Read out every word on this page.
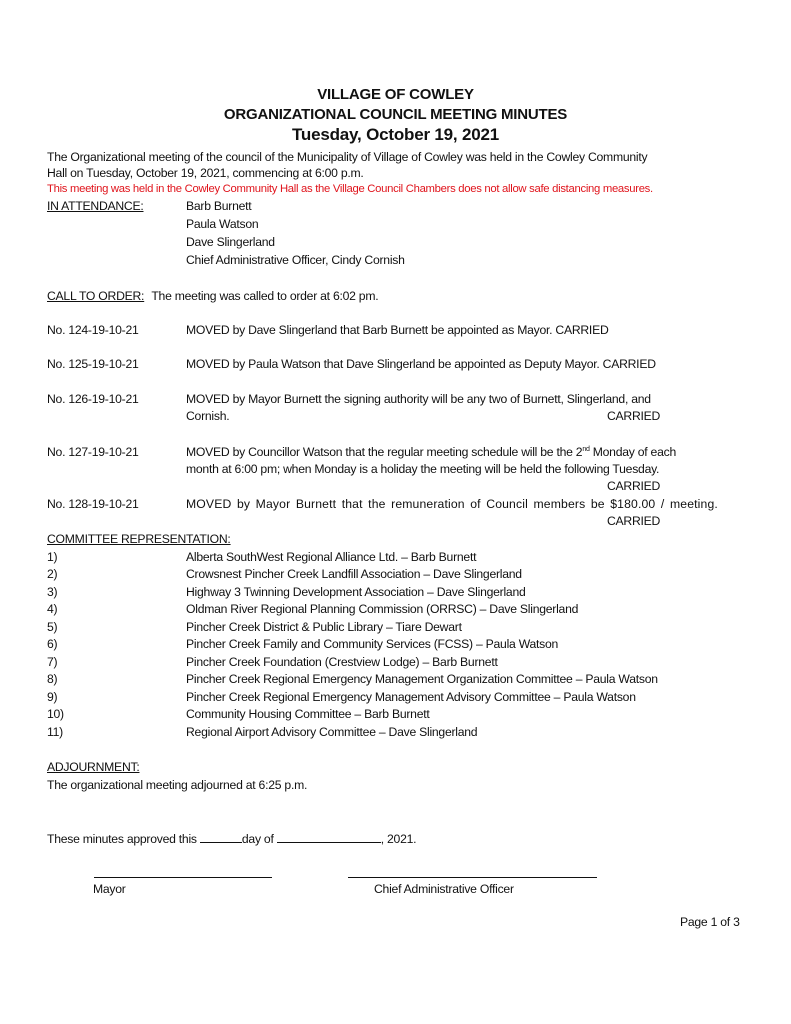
VILLAGE OF COWLEY
ORGANIZATIONAL COUNCIL MEETING MINUTES
Tuesday, October 19, 2021
The Organizational meeting of the council of the Municipality of Village of Cowley was held in the Cowley Community
Hall on Tuesday, October 19, 2021, commencing at 6:00 p.m.
This meeting was held in the Cowley Community Hall as the Village Council Chambers does not allow safe distancing measures.
IN ATTENDANCE:	Barb Burnett
Paula Watson
Dave Slingerland
Chief Administrative Officer, Cindy Cornish
CALL TO ORDER: The meeting was called to order at 6:02 pm.
No. 124-19-10-21	MOVED by Dave Slingerland that Barb Burnett be appointed as Mayor. CARRIED
No. 125-19-10-21	MOVED by Paula Watson that Dave Slingerland be appointed as Deputy Mayor. CARRIED
No. 126-19-10-21	MOVED by Mayor Burnett the signing authority will be any two of Burnett, Slingerland, and
Cornish.	CARRIED
No. 127-19-10-21	MOVED by Councillor Watson that the regular meeting schedule will be the 2nd Monday of each
month at 6:00 pm; when Monday is a holiday the meeting will be held the following Tuesday.
CARRIED
No. 128-19-10-21	MOVED by Mayor Burnett that the remuneration of Council members be $180.00 / meeting.
CARRIED
COMMITTEE REPRESENTATION:
1)	Alberta SouthWest Regional Alliance Ltd. – Barb Burnett
2)	Crowsnest Pincher Creek Landfill Association – Dave Slingerland
3)	Highway 3 Twinning Development Association – Dave Slingerland
4)	Oldman River Regional Planning Commission (ORRSC) – Dave Slingerland
5)	Pincher Creek District & Public Library – Tiare Dewart
6)	Pincher Creek Family and Community Services (FCSS) – Paula Watson
7)	Pincher Creek Foundation (Crestview Lodge) – Barb Burnett
8)	Pincher Creek Regional Emergency Management Organization Committee – Paula Watson
9)	Pincher Creek Regional Emergency Management Advisory Committee – Paula Watson
10)	Community Housing Committee – Barb Burnett
11)	Regional Airport Advisory Committee – Dave Slingerland
ADJOURNMENT:
The organizational meeting adjourned at 6:25 p.m.
These minutes approved this	day of	, 2021.
Mayor	Chief Administrative Officer
Page 1 of 3
